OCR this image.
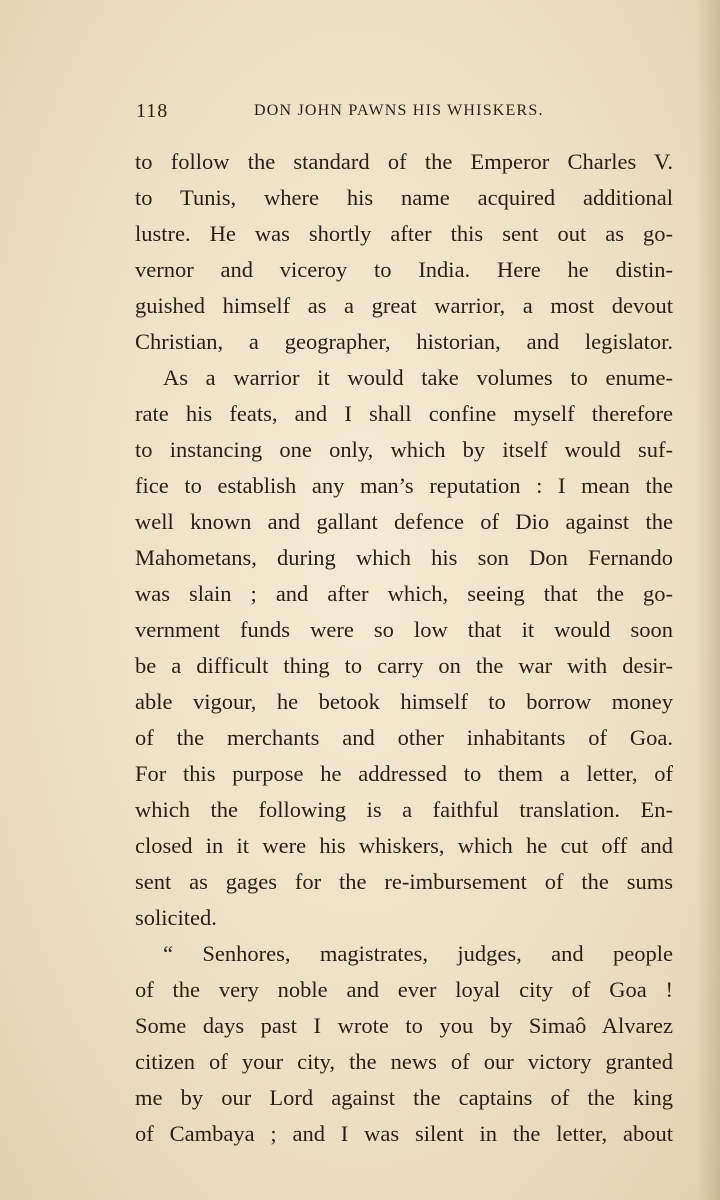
118	DON JOHN PAWNS HIS WHISKERS.
to follow the standard of the Emperor Charles V.
to Tunis, where his name acquired additional
lustre. He was shortly after this sent out as go-
vernor and viceroy to India. Here he distin-
guished himself as a great warrior, a most devout
Christian, a geographer, historian, and legislator.
As a warrior it would take volumes to enume-
rate his feats, and I shall confine myself therefore
to instancing one only, which by itself would suf-
fice to establish any man’s reputation : I mean the
well known and gallant defence of Dio against the
Mahometans, during which his son Don Fernando
was slain ; and after which, seeing that the go-
vernment funds were so low that it would soon
be a difficult thing to carry on the war with desir-
able vigour, he betook himself to borrow money
of the merchants and other inhabitants of Goa.
For this purpose he addressed to them a letter, of
which the following is a faithful translation. En-
closed in it were his whiskers, which he cut off and
sent as gages for the re-imbursement of the sums
solicited.
“ Senhores, magistrates, judges, and people
of the very noble and ever loyal city of Goa !
Some days past I wrote to you by Simaô Alvarez
citizen of your city, the news of our victory granted
me by our Lord against the captains of the king
of Cambaya ; and I was silent in the letter, about
